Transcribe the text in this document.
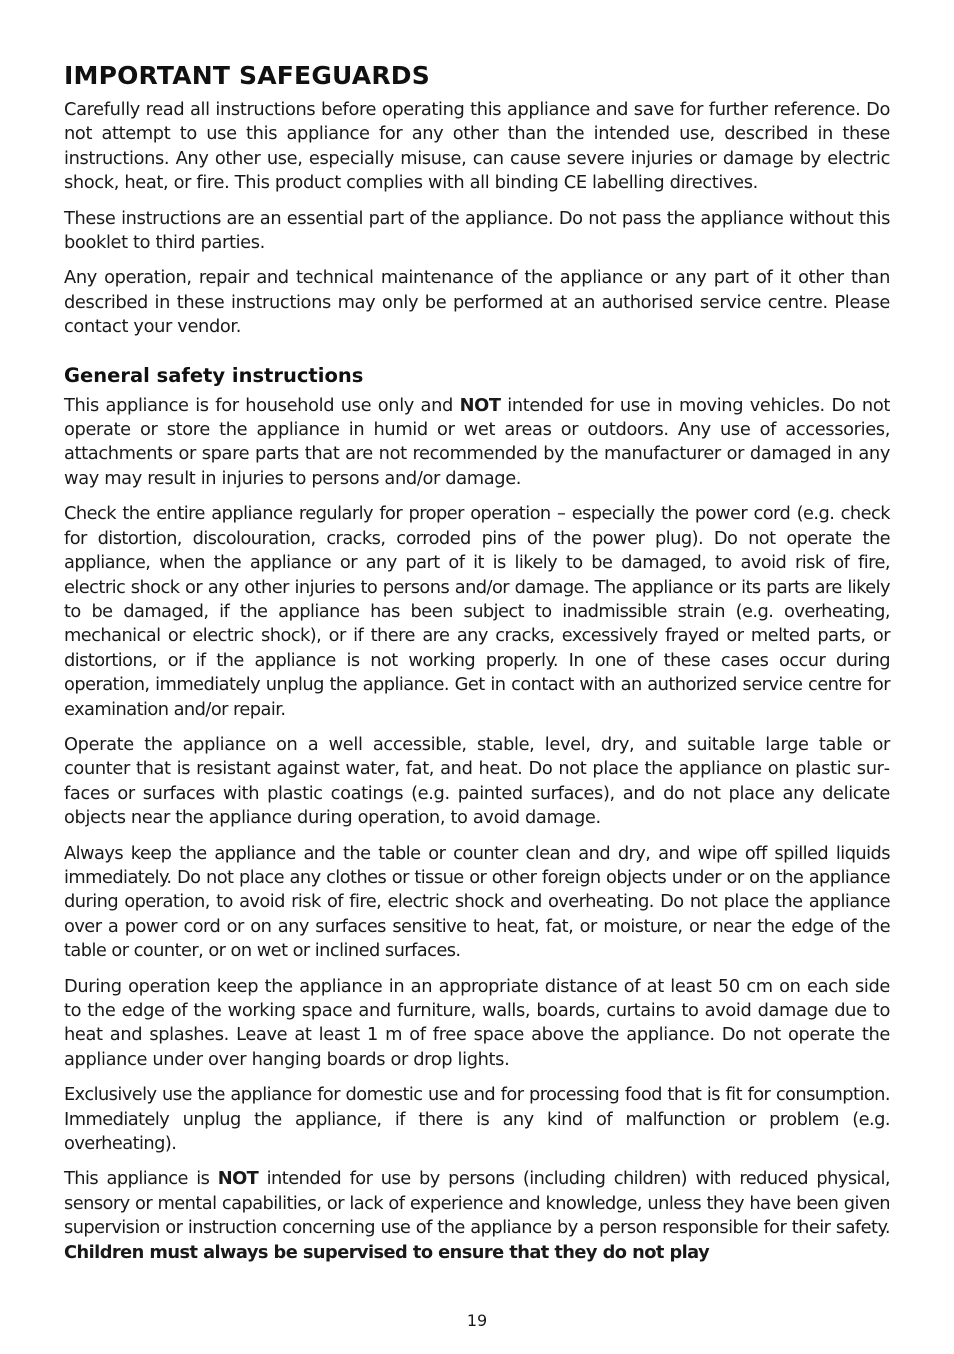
IMPORTANT SAFEGUARDS

Carefully read all instructions before operating this appliance and save for further reference. Do not attempt to use this appliance for any other than the intended use, described in these instructions. Any other use, especially misuse, can cause severe injuries or damage by electric shock, heat, or fire. This product complies with all binding CE labelling directives.

These instructions are an essential part of the appliance. Do not pass the appliance without this booklet to third parties.

Any operation, repair and technical maintenance of the appliance or any part of it other than described in these instructions may only be performed at an authorised service centre. Please contact your vendor.

General safety instructions

This appliance is for household use only and NOT intended for use in moving vehicles. Do not operate or store the appliance in humid or wet areas or outdoors. Any use of accessories, attachments or spare parts that are not recommended by the manufacturer or damaged in any way may result in injuries to persons and/or damage.

Check the entire appliance regularly for proper operation – especially the power cord (e.g. check for distortion, discolouration, cracks, corroded pins of the power plug). Do not operate the appliance, when the appliance or any part of it is likely to be damaged, to avoid risk of fire, electric shock or any other injuries to persons and/or damage. The appliance or its parts are likely to be damaged, if the appliance has been subject to inadmissible strain (e.g. overheating, mechanical or electric shock), or if there are any cracks, excessively frayed or melted parts, or distortions, or if the appliance is not working properly. In one of these cases occur during operation, immediately unplug the appliance. Get in contact with an authorized service centre for examination and/or repair.

Operate the appliance on a well accessible, stable, level, dry, and suitable large table or counter that is resistant against water, fat, and heat. Do not place the appliance on plastic surfaces or surfaces with plastic coatings (e.g. painted surfaces), and do not place any delicate objects near the appliance during operation, to avoid damage.

Always keep the appliance and the table or counter clean and dry, and wipe off spilled liquids immediately. Do not place any clothes or tissue or other foreign objects under or on the appliance during operation, to avoid risk of fire, electric shock and overheating. Do not place the appliance over a power cord or on any surfaces sensitive to heat, fat, or moisture, or near the edge of the table or counter, or on wet or inclined surfaces.

During operation keep the appliance in an appropriate distance of at least 50 cm on each side to the edge of the working space and furniture, walls, boards, curtains to avoid damage due to heat and splashes. Leave at least 1 m of free space above the appliance. Do not operate the appliance under over hanging boards or drop lights.

Exclusively use the appliance for domestic use and for processing food that is fit for consumption. Immediately unplug the appliance, if there is any kind of malfunction or problem (e.g. overheating).

This appliance is NOT intended for use by persons (including children) with reduced physical, sensory or mental capabilities, or lack of experience and knowledge, unless they have been given supervision or instruction concerning use of the appliance by a person responsible for their safety. Children must always be supervised to ensure that they do not play

19
